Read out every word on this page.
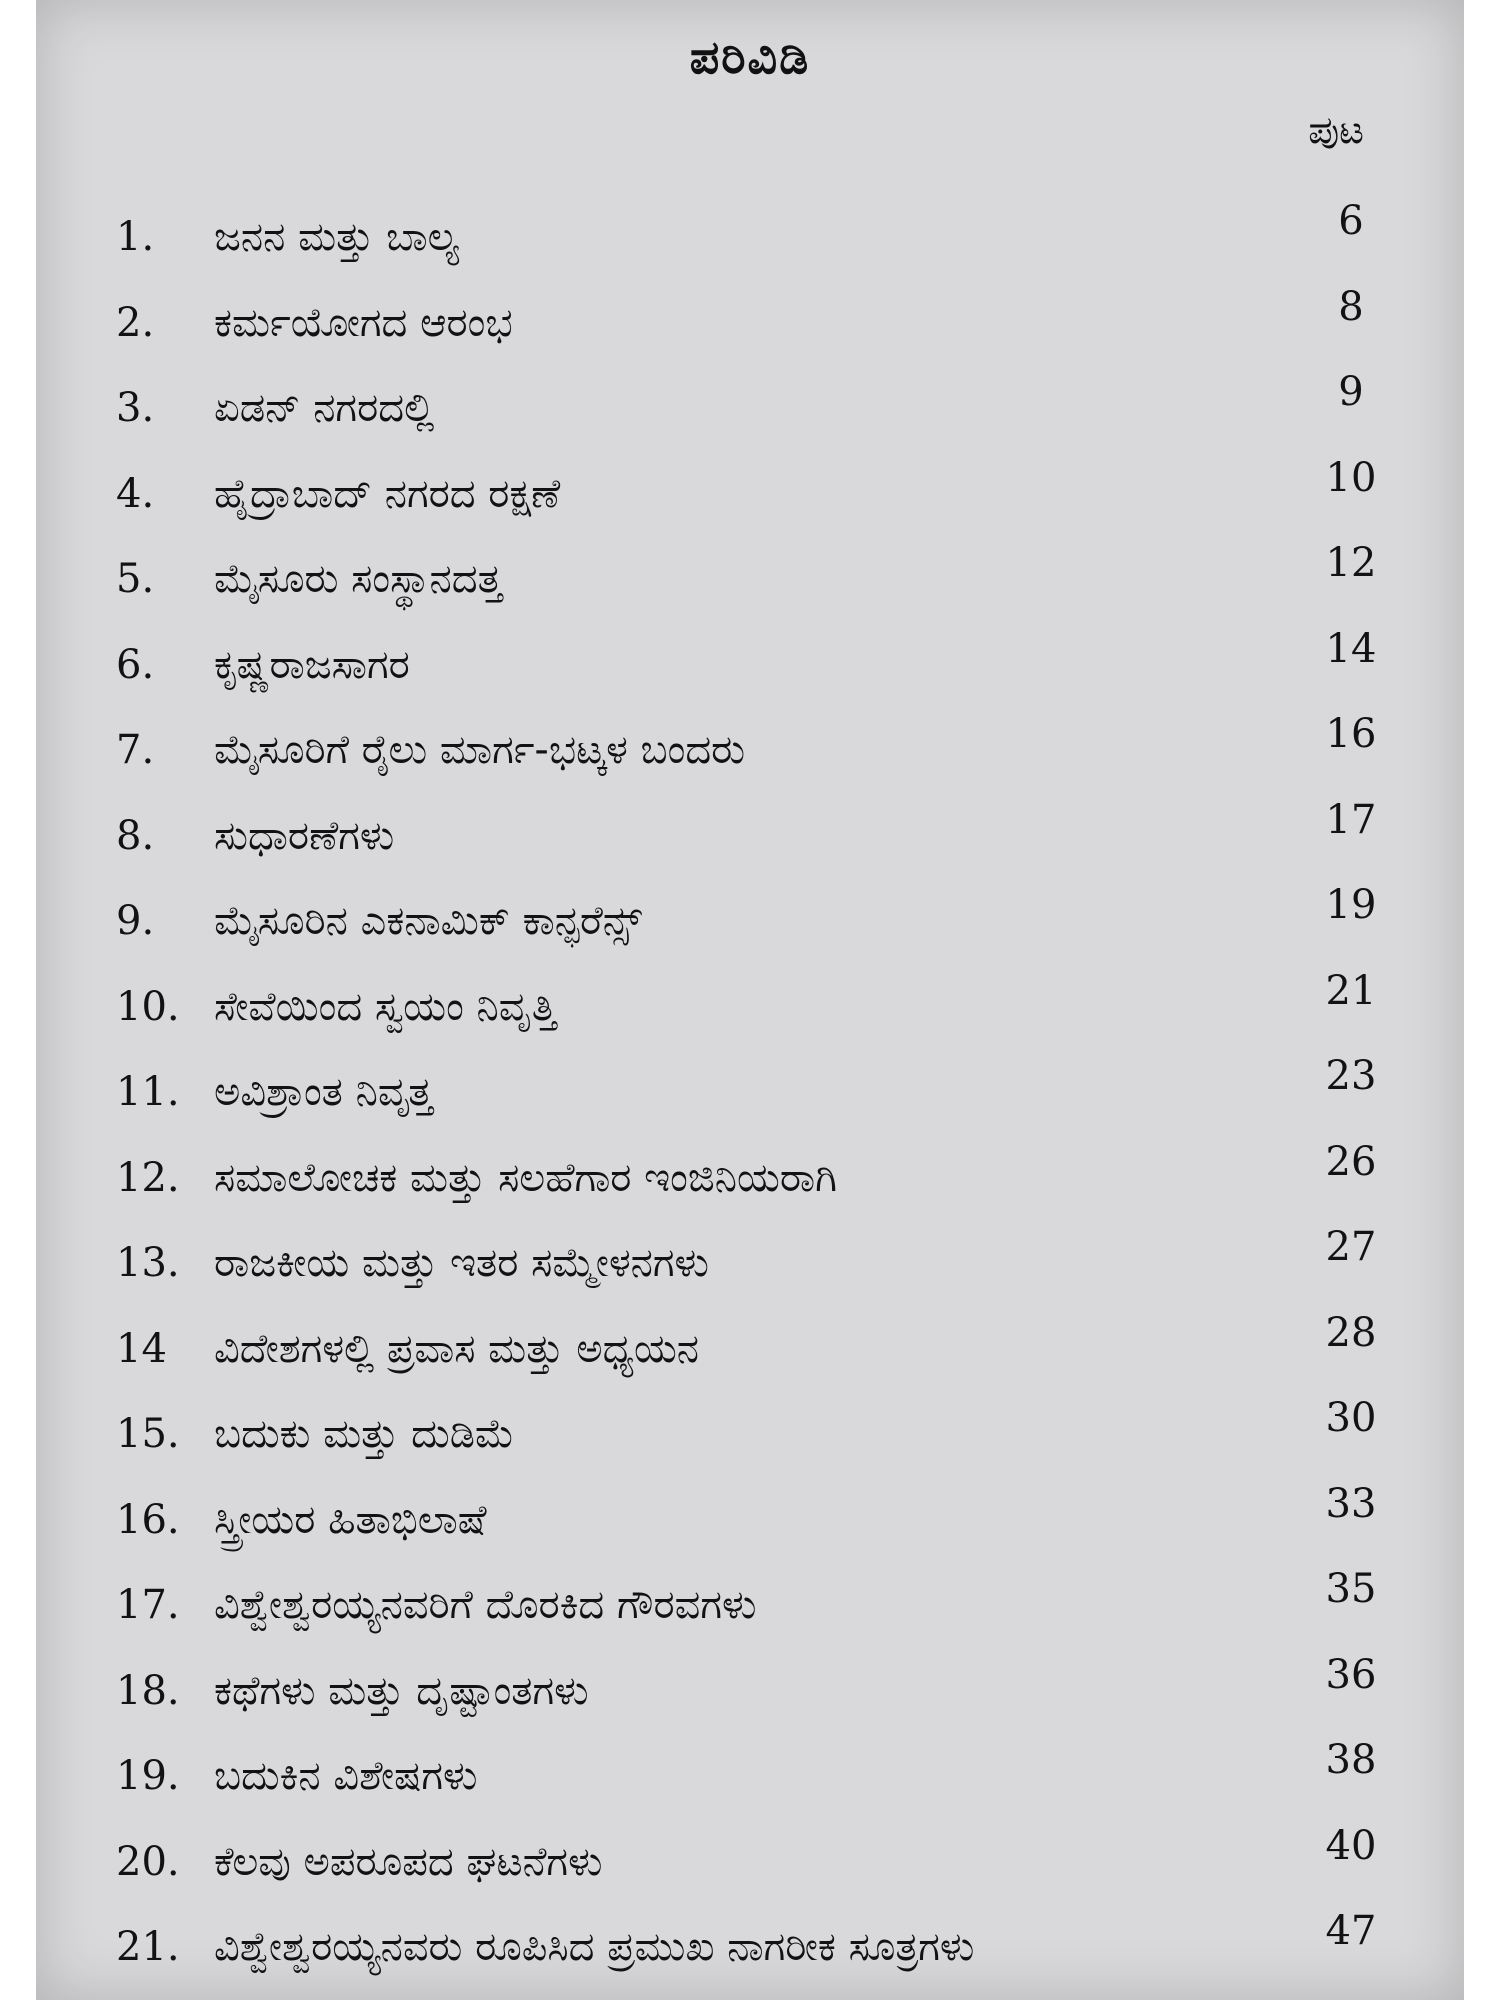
ಪರಿವಿಡಿ
ಪುಟ
1. ಜನನ ಮತ್ತು ಬಾಲ್ಯ	6
2. ಕರ್ಮಯೋಗದ ಆರಂಭ	8
3. ಏಡನ್ ನಗರದಲ್ಲಿ	9
4. ಹೈದ್ರಾಬಾದ್ ನಗರದ ರಕ್ಷಣೆ	10
5. ಮೈಸೂರು ಸಂಸ್ಥಾನದತ್ತ	12
6. ಕೃಷ್ಣರಾಜಸಾಗರ	14
7. ಮೈಸೂರಿಗೆ ರೈಲು ಮಾರ್ಗ-ಭಟ್ಕಳ ಬಂದರು	16
8. ಸುಧಾರಣೆಗಳು	17
9. ಮೈಸೂರಿನ ಎಕನಾಮಿಕ್ ಕಾನ್ಫರೆನ್ಸ್	19
10. ಸೇವೆಯಿಂದ ಸ್ವಯಂ ನಿವೃತ್ತಿ	21
11. ಅವಿಶ್ರಾಂತ ನಿವೃತ್ತ	23
12. ಸಮಾಲೋಚಕ ಮತ್ತು ಸಲಹೆಗಾರ ಇಂಜಿನಿಯರಾಗಿ	26
13. ರಾಜಕೀಯ ಮತ್ತು ಇತರ ಸಮ್ಮೇಳನಗಳು	27
14 ವಿದೇಶಗಳಲ್ಲಿ ಪ್ರವಾಸ ಮತ್ತು ಅಧ್ಯಯನ	28
15. ಬದುಕು ಮತ್ತು ದುಡಿಮೆ	30
16. ಸ್ತ್ರೀಯರ ಹಿತಾಭಿಲಾಷೆ	33
17. ವಿಶ್ವೇಶ್ವರಯ್ಯನವರಿಗೆ ದೊರಕಿದ ಗೌರವಗಳು	35
18. ಕಥೆಗಳು ಮತ್ತು ದೃಷ್ಟಾಂತಗಳು	36
19. ಬದುಕಿನ ವಿಶೇಷಗಳು	38
20. ಕೆಲವು ಅಪರೂಪದ ಘಟನೆಗಳು	40
21. ವಿಶ್ವೇಶ್ವರಯ್ಯನವರು ರೂಪಿಸಿದ ಪ್ರಮುಖ ನಾಗರೀಕ ಸೂತ್ರಗಳು	47
